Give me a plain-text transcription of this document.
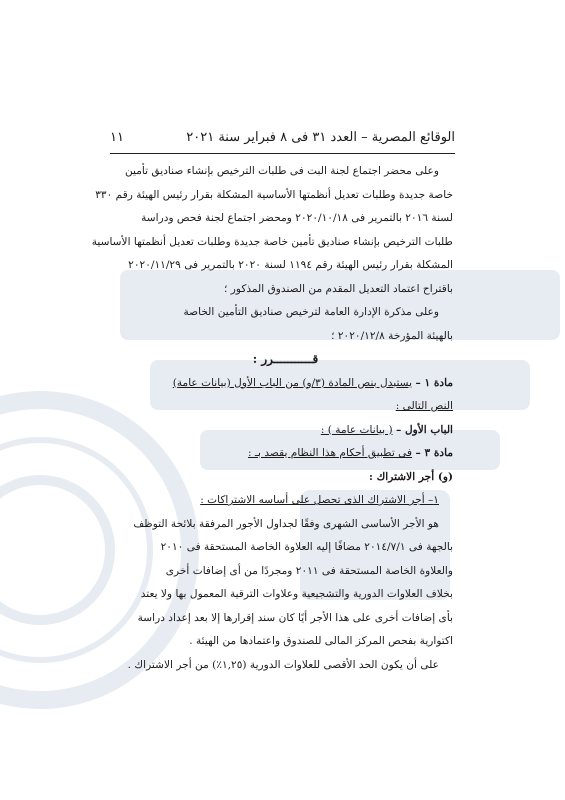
الوقائع المصرية – العدد ٣١ فى ٨ فبراير سنة ٢٠٢١
١١
وعلى محضر اجتماع لجنة البت فى طلبات الترخيص بإنشاء صناديق تأمين
خاصة جديدة وطلبات تعديل أنظمتها الأساسية المشكلة بقرار رئيس الهيئة رقم ٣٣٠
لسنة ٢٠١٦ بالتمرير فى ٢٠٢٠/١٠/١٨ ومحضر اجتماع لجنة فحص ودراسة
طلبات الترخيص بإنشاء صناديق تأمين خاصة جديدة وطلبات تعديل أنظمتها الأساسية
المشكلة بقرار رئيس الهيئة رقم ١١٩٤ لسنة ٢٠٢٠ بالتمرير فى ٢٠٢٠/١١/٢٩
باقتراح اعتماد التعديل المقدم من الصندوق المذكور ؛
وعلى مذكرة الإدارة العامة لترخيص صناديق التأمين الخاصة
بالهيئة المؤرخة ٢٠٢٠/١٢/٨ ؛
قـــــــــــرر :
مادة ١ – يستبدل بنص المادة (٣/و) من الباب الأول (بيانات عامة)
النص التالى :
الباب الأول – ( بيانات عامة ) :
مادة ٣ – فى تطبيق أحكام هذا النظام يقصد بـ :
(و) أجر الاشتراك :
١– أجر الاشتراك الذى تحصل على أساسه الاشتراكات :
هو الأجر الأساسى الشهرى وفقًا لجداول الأجور المرفقة بلائحة التوظف
بالجهة فى ٢٠١٤/٧/١ مضافًا إليه العلاوة الخاصة المستحقة فى ٢٠١٠
والعلاوة الخاصة المستحقة فى ٢٠١١ ومجردًا من أى إضافات أخرى
بخلاف العلاوات الدورية والتشجيعية وعلاوات الترقية المعمول بها ولا يعتد
بأى إضافات أخرى على هذا الأجر أيًا كان سند إقرارها إلا بعد إعداد دراسة
اكتوارية بفحص المركز المالى للصندوق واعتمادها من الهيئة .
على أن يكون الحد الأقصى للعلاوات الدورية (١,٢٥٪) من أجر الاشتراك .
